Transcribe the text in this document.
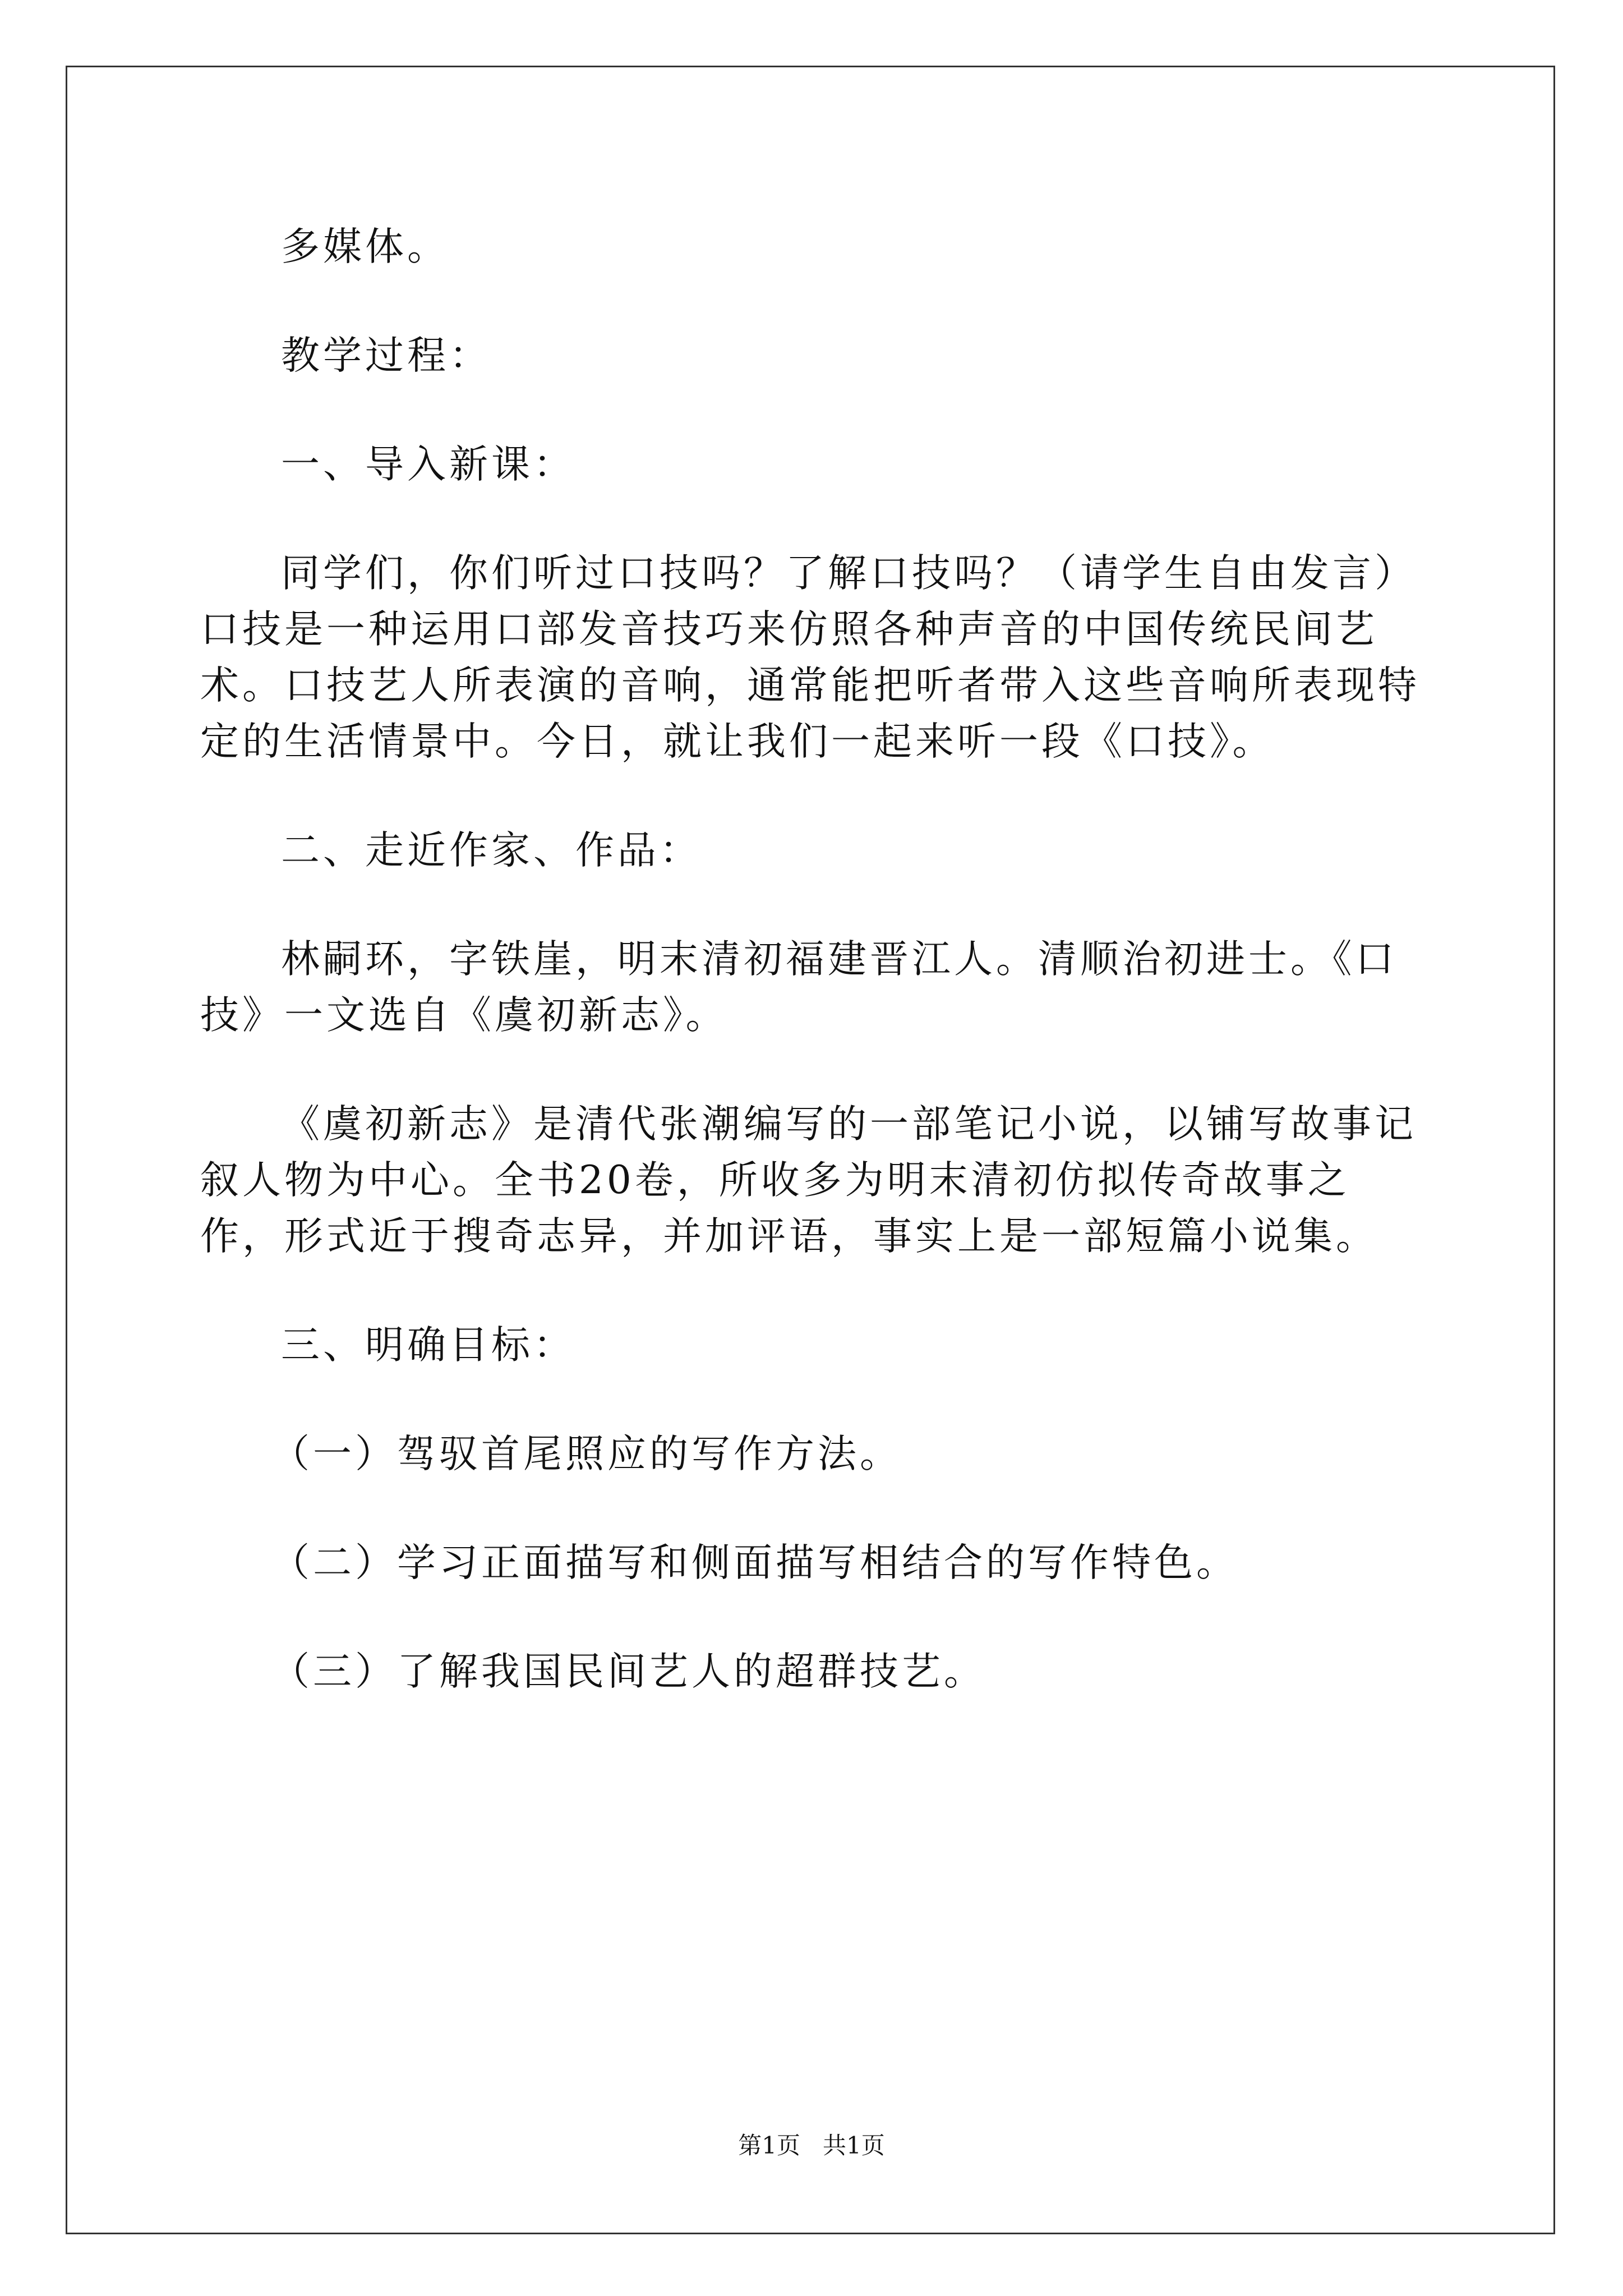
多媒体。

教学过程：

一、导入新课：

同学们，你们听过口技吗？了解口技吗？（请学生自由发言）口技是一种运用口部发音技巧来仿照各种声音的中国传统民间艺术。口技艺人所表演的音响，通常能把听者带入这些音响所表现特定的生活情景中。今日，就让我们一起来听一段《口技》。

二、走近作家、作品：

林嗣环，字铁崖，明末清初福建晋江人。清顺治初进士。《口技》一文选自《虞初新志》。

《虞初新志》是清代张潮编写的一部笔记小说，以铺写故事记叙人物为中心。全书20卷，所收多为明末清初仿拟传奇故事之作，形式近于搜奇志异，并加评语，事实上是一部短篇小说集。

三、明确目标：

（一）驾驭首尾照应的写作方法。

（二）学习正面描写和侧面描写相结合的写作特色。

（三）了解我国民间艺人的超群技艺。

第1页 共1页
